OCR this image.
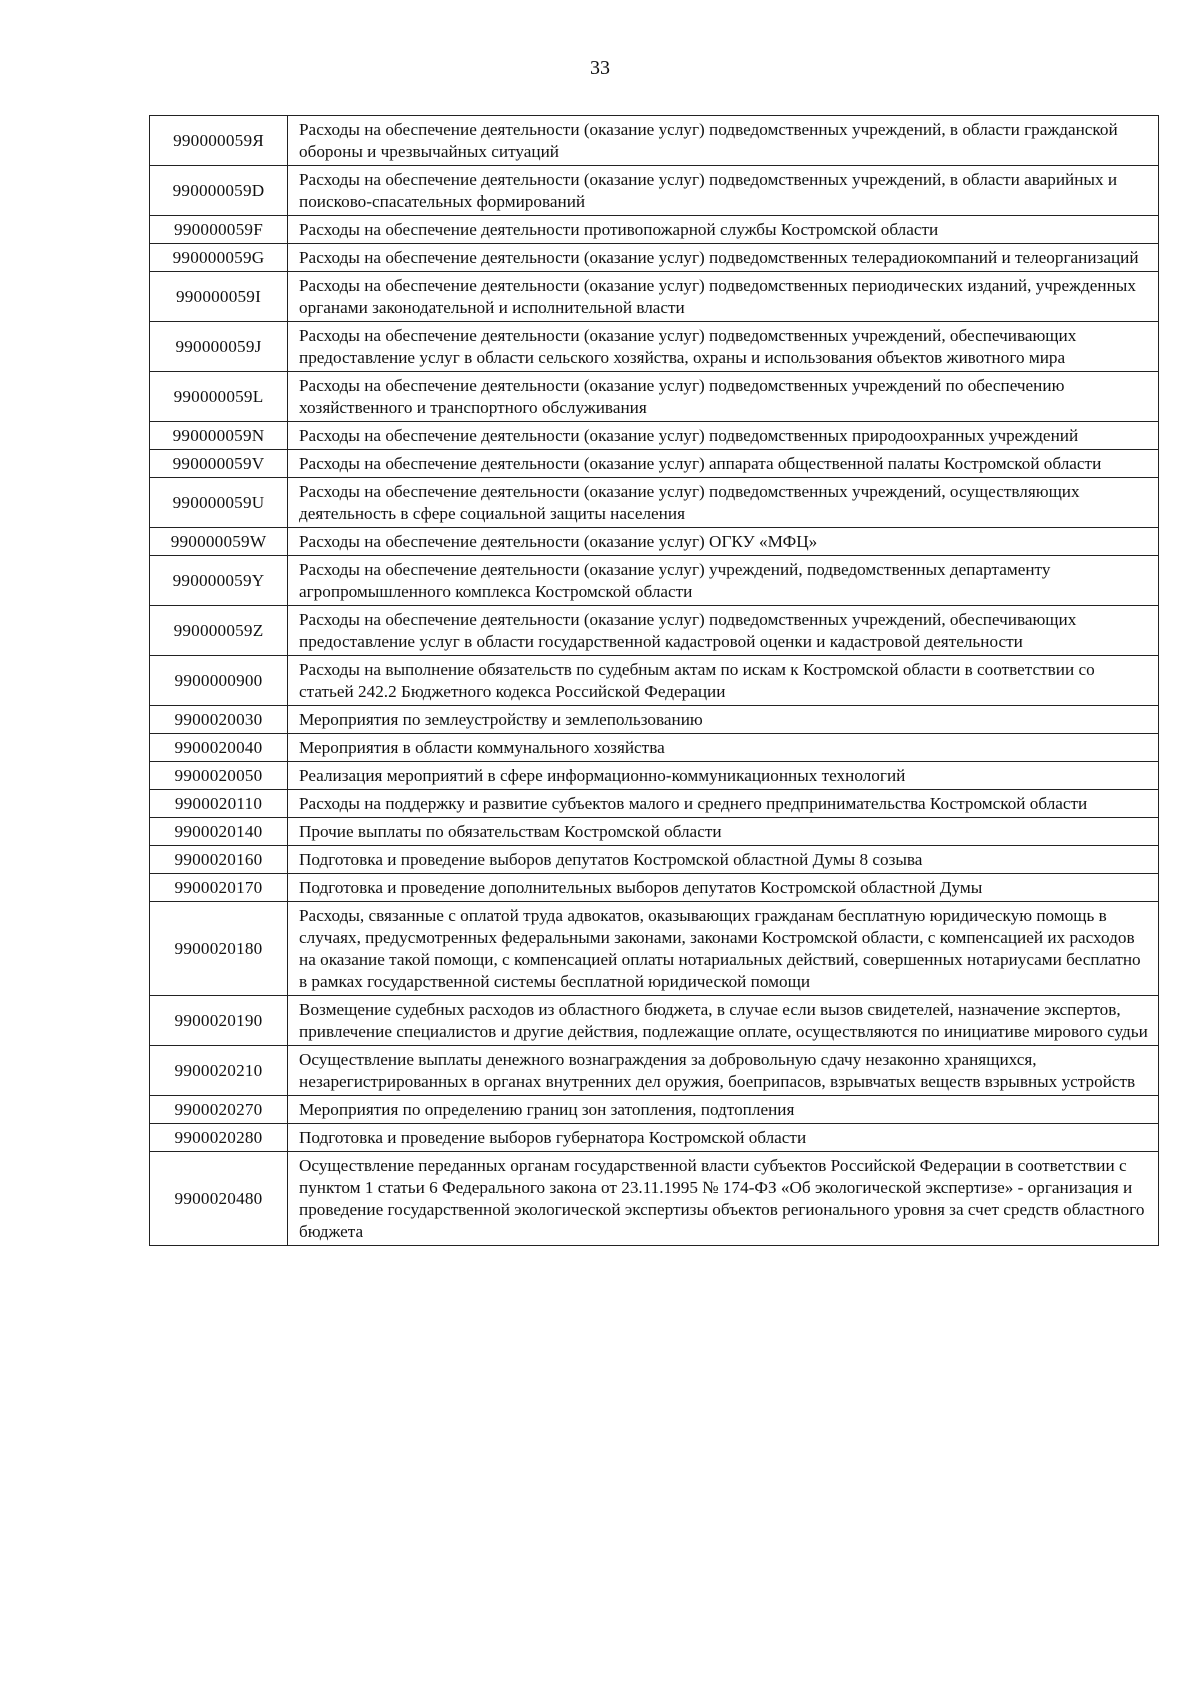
33
990000059Я	Расходы на обеспечение деятельности (оказание услуг) подведомственных учреждений, в области гражданской обороны и чрезвычайных ситуаций
990000059D	Расходы на обеспечение деятельности (оказание услуг) подведомственных учреждений, в области аварийных и поисково-спасательных формирований
990000059F	Расходы на обеспечение деятельности противопожарной службы Костромской области
990000059G	Расходы на обеспечение деятельности (оказание услуг) подведомственных телерадиокомпаний и телеорганизаций
990000059I	Расходы на обеспечение деятельности (оказание услуг) подведомственных периодических изданий, учрежденных органами законодательной и исполнительной власти
990000059J	Расходы на обеспечение деятельности (оказание услуг) подведомственных учреждений, обеспечивающих предоставление услуг в области сельского хозяйства, охраны и использования объектов животного мира
990000059L	Расходы на обеспечение деятельности (оказание услуг) подведомственных учреждений по обеспечению хозяйственного и транспортного обслуживания
990000059N	Расходы на обеспечение деятельности (оказание услуг) подведомственных природоохранных учреждений
990000059V	Расходы на обеспечение деятельности (оказание услуг) аппарата общественной палаты Костромской области
990000059U	Расходы на обеспечение деятельности (оказание услуг) подведомственных учреждений, осуществляющих деятельность в сфере социальной защиты населения
990000059W	Расходы на обеспечение деятельности (оказание услуг) ОГКУ «МФЦ»
990000059Y	Расходы на обеспечение деятельности (оказание услуг) учреждений, подведомственных департаменту агропромышленного комплекса Костромской области
990000059Z	Расходы на обеспечение деятельности (оказание услуг) подведомственных учреждений, обеспечивающих предоставление услуг в области государственной кадастровой оценки и кадастровой деятельности
9900000900	Расходы на выполнение обязательств по судебным актам по искам к Костромской области в соответствии со статьей 242.2 Бюджетного кодекса Российской Федерации
9900020030	Мероприятия по землеустройству и землепользованию
9900020040	Мероприятия в области коммунального хозяйства
9900020050	Реализация мероприятий в сфере информационно-коммуникационных технологий
9900020110	Расходы на поддержку и развитие субъектов малого и среднего предпринимательства Костромской области
9900020140	Прочие выплаты по обязательствам Костромской области
9900020160	Подготовка и проведение выборов депутатов Костромской областной Думы 8 созыва
9900020170	Подготовка и проведение дополнительных выборов депутатов Костромской областной Думы
9900020180	Расходы, связанные с оплатой труда адвокатов, оказывающих гражданам бесплатную юридическую помощь в случаях, предусмотренных федеральными законами, законами Костромской области, с компенсацией их расходов на оказание такой помощи, с компенсацией оплаты нотариальных действий, совершенных нотариусами бесплатно в рамках государственной системы бесплатной юридической помощи
9900020190	Возмещение судебных расходов из областного бюджета, в случае если вызов свидетелей, назначение экспертов, привлечение специалистов и другие действия, подлежащие оплате, осуществляются по инициативе мирового судьи
9900020210	Осуществление выплаты денежного вознаграждения за добровольную сдачу незаконно хранящихся, незарегистрированных в органах внутренних дел оружия, боеприпасов, взрывчатых веществ взрывных устройств
9900020270	Мероприятия по определению границ зон затопления, подтопления
9900020280	Подготовка и проведение выборов губернатора Костромской области
9900020480	Осуществление переданных органам государственной власти субъектов Российской Федерации в соответствии с пунктом 1 статьи 6 Федерального закона от 23.11.1995 № 174-ФЗ «Об экологической экспертизе» - организация и проведение государственной экологической экспертизы объектов регионального уровня за счет средств областного бюджета
